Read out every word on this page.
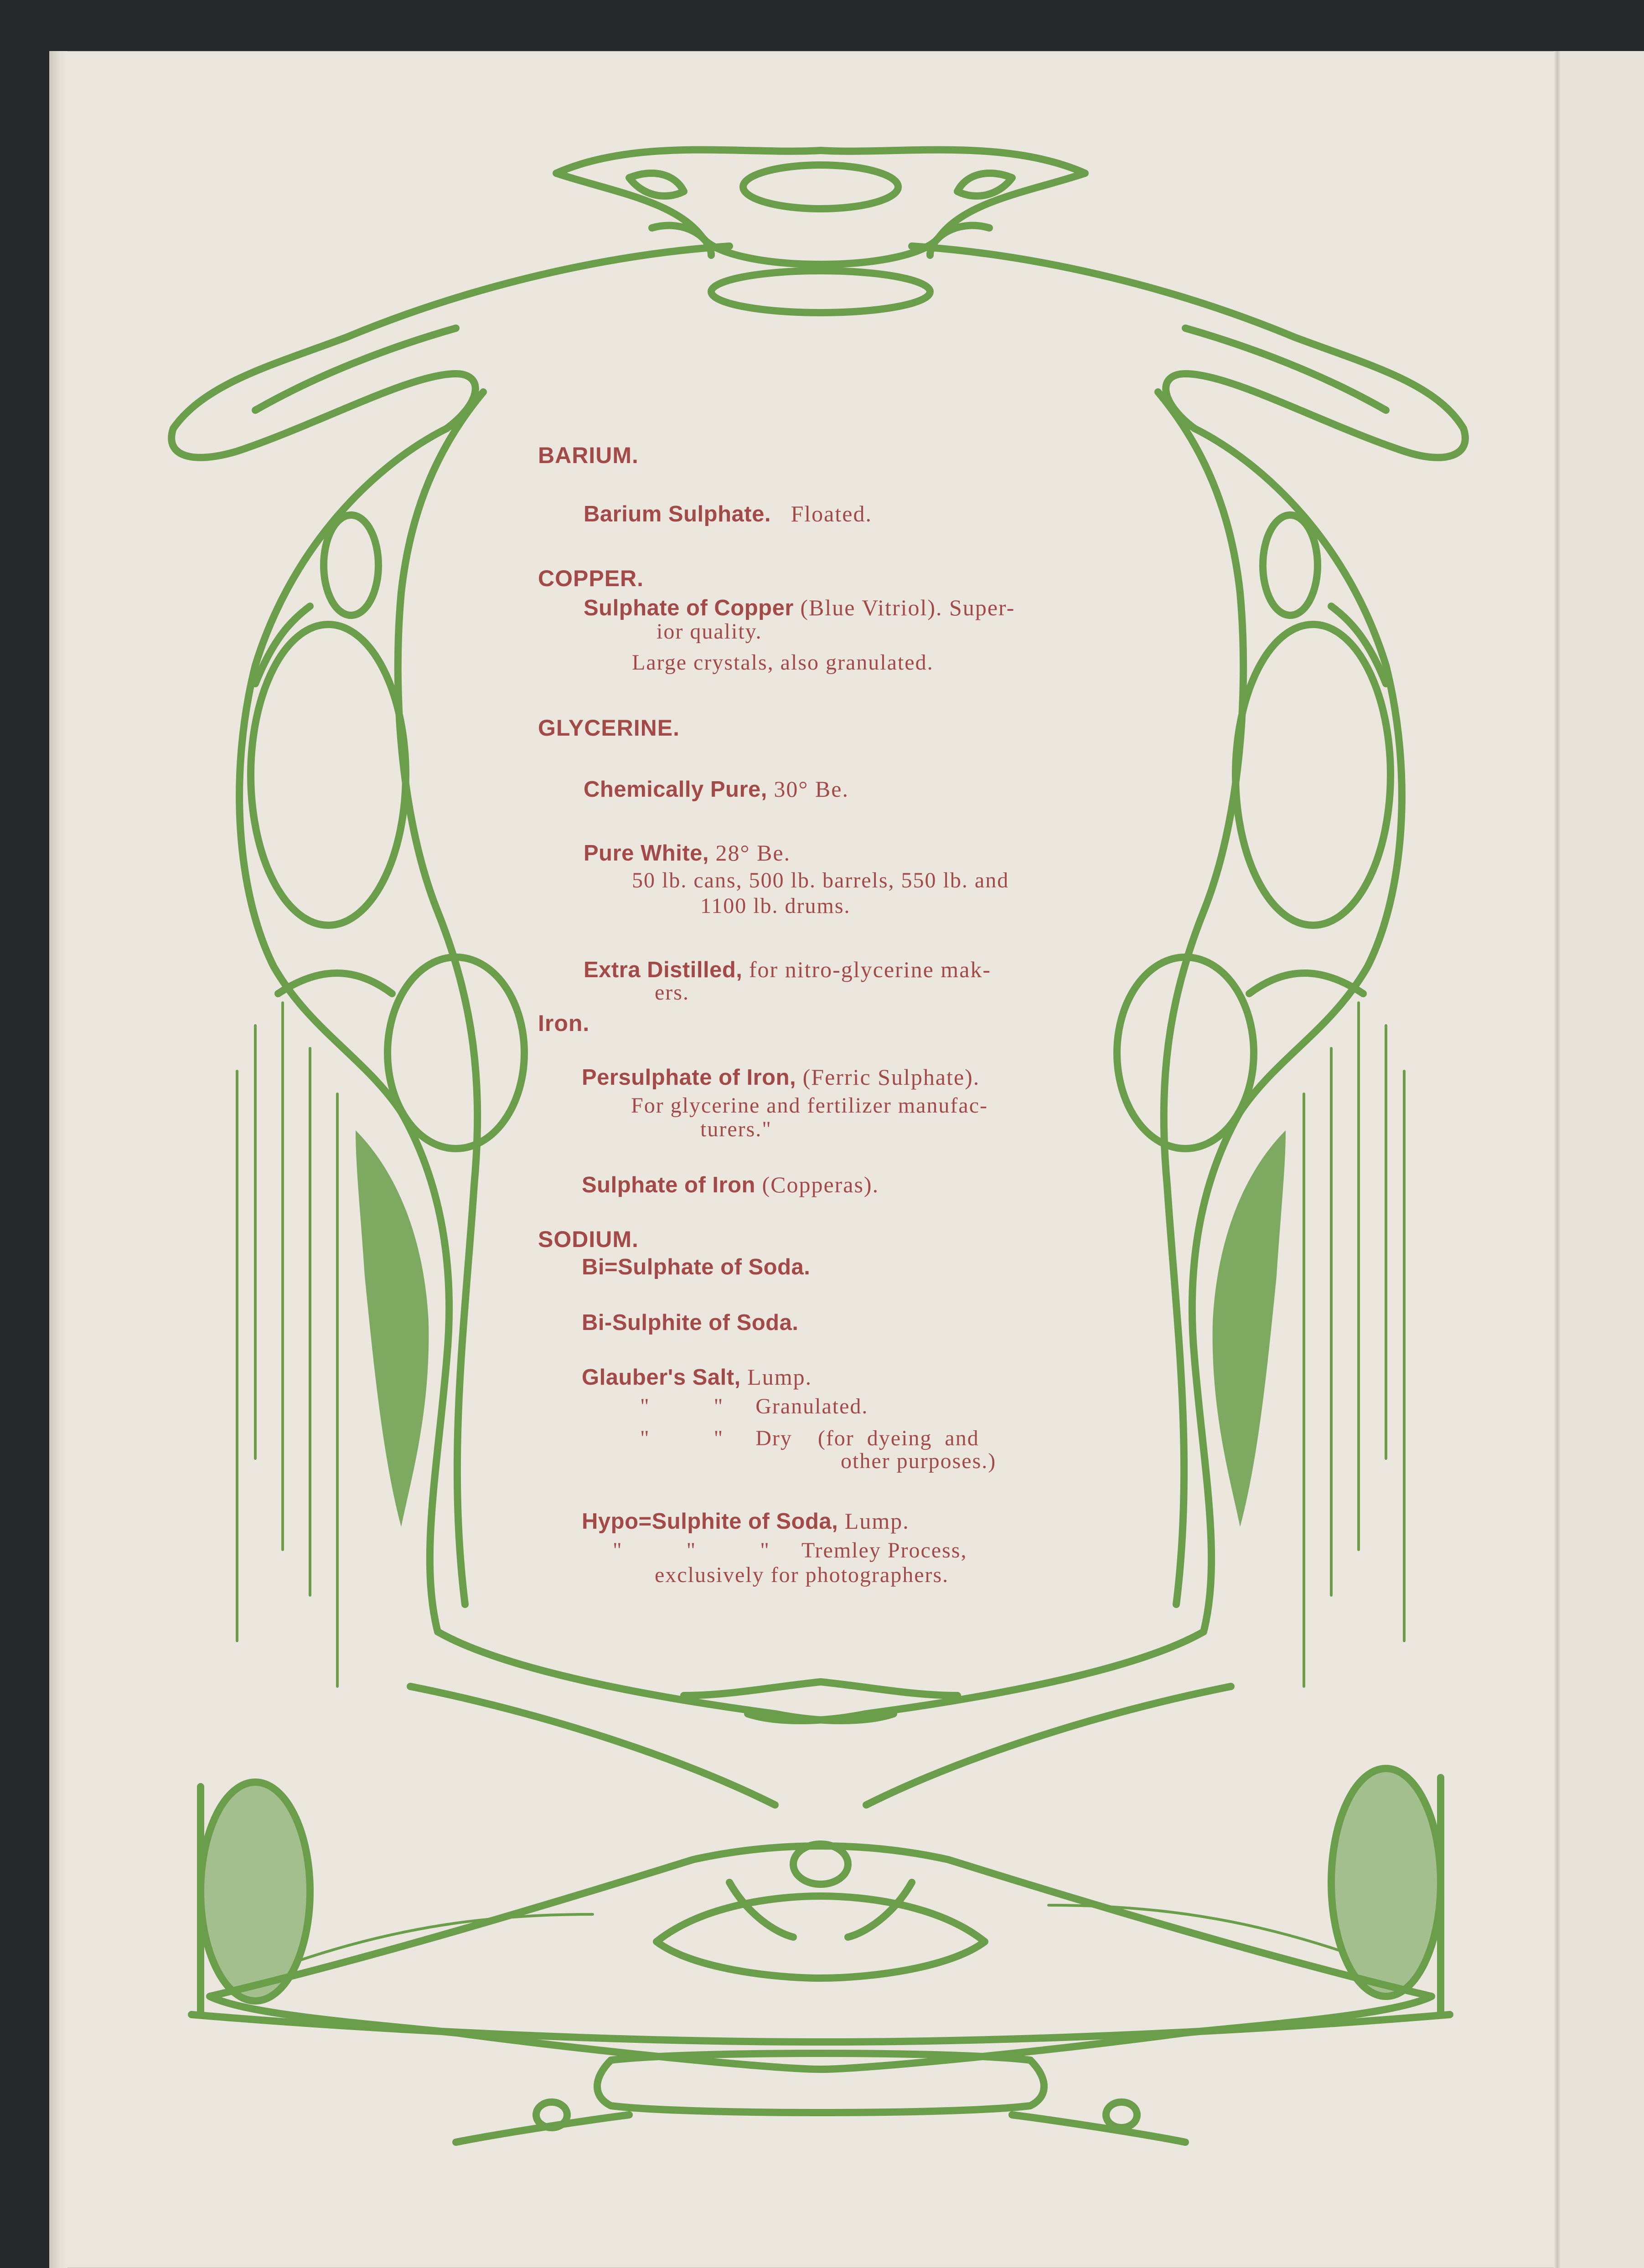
BARIUM.
Barium Sulphate. Floated.
COPPER.
Sulphate of Copper (Blue Vitriol). Super-
ior quality.
Large crystals, also granulated.
GLYCERINE.
Chemically Pure, 30° Be.
Pure White, 28° Be.
50 lb. cans, 500 lb. barrels, 550 lb. and
1100 lb. drums.
Extra Distilled, for nitro-glycerine mak-
ers.
Iron.
Persulphate of Iron, (Ferric Sulphate).
For glycerine and fertilizer manufac-
turers."
Sulphate of Iron (Copperas).
SODIUM.
Bi=Sulphate of Soda.
Bi-Sulphite of Soda.
Glauber's Salt, Lump.
"          "     Granulated.
"          "     Dry    (for  dyeing  and
other purposes.)
Hypo=Sulphite of Soda, Lump.
"          "          "     Tremley Process,
exclusively for photographers.
